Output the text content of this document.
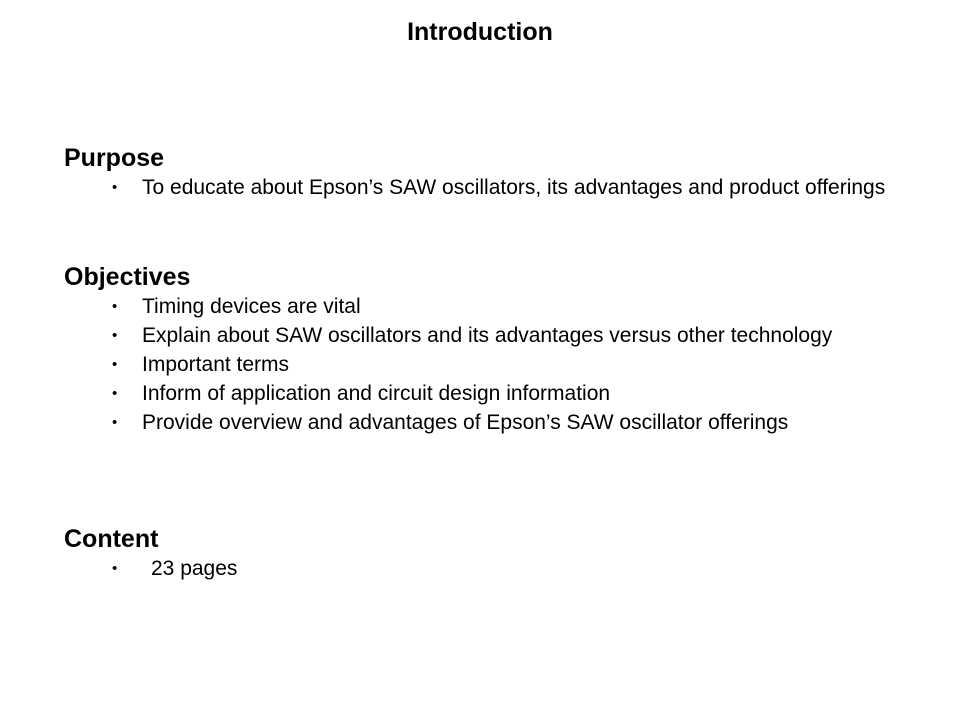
Introduction
Purpose
• To educate about Epson’s SAW oscillators, its advantages and product offerings
Objectives
• Timing devices are vital
• Explain about SAW oscillators and its advantages versus other technology
• Important terms
• Inform of application and circuit design information
• Provide overview and advantages of Epson’s SAW oscillator offerings
Content
• 23 pages
